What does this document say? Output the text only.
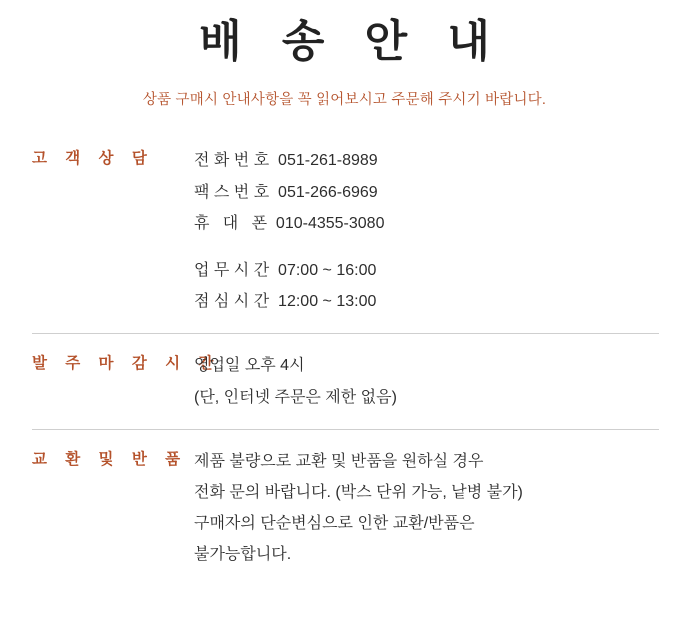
배 송 안 내
상품 구매시 안내사항을 꼭 읽어보시고 주문해 주시기 바랍니다.
고 객 상 담	전 화 번 호  051-261-8989
팩 스 번 호  051-266-6969
휴   대   폰  010-4355-3080
업 무 시 간  07:00 ~ 16:00
점 심 시 간  12:00 ~ 13:00
발 주 마 감 시 간
영업일 오후 4시
(단, 인터넷 주문은 제한 없음)
교 환 및 반 품 제품 불량으로 교환 및 반품을 원하실 경우
전화 문의 바랍니다. (박스 단위 가능, 낱병 불가)
구매자의 단순변심으로 인한 교환/반품은
불가능합니다.
